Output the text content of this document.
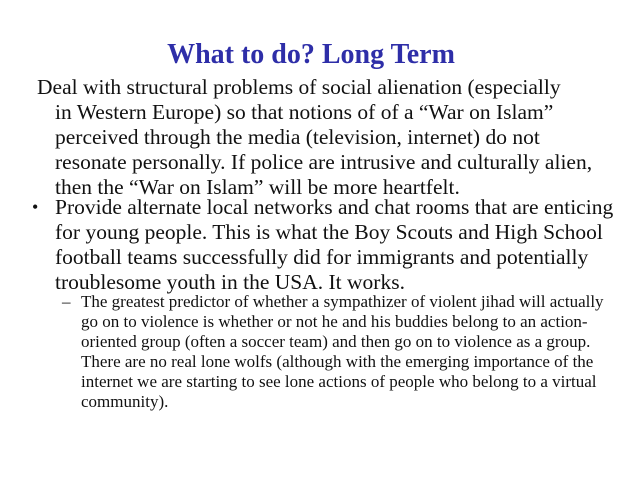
What to do? Long Term
Deal with structural problems of social alienation (especially
in Western Europe) so that notions of of a “War on Islam” perceived through the media (television, internet) do not resonate personally. If police are intrusive and culturally alien, then the “War on Islam” will be more heartfelt.
• Provide alternate local networks and chat rooms that are enticing for young people. This is what the Boy Scouts and High School football teams successfully did for immigrants and potentially troublesome youth in the USA. It works.
– The greatest predictor of whether a sympathizer of violent jihad will actually go on to violence is whether or not he and his buddies belong to an action-oriented group (often a soccer team) and then go on to violence as a group. There are no real lone wolfs (although with the emerging importance of the internet we are starting to see lone actions of people who belong to a virtual community).
